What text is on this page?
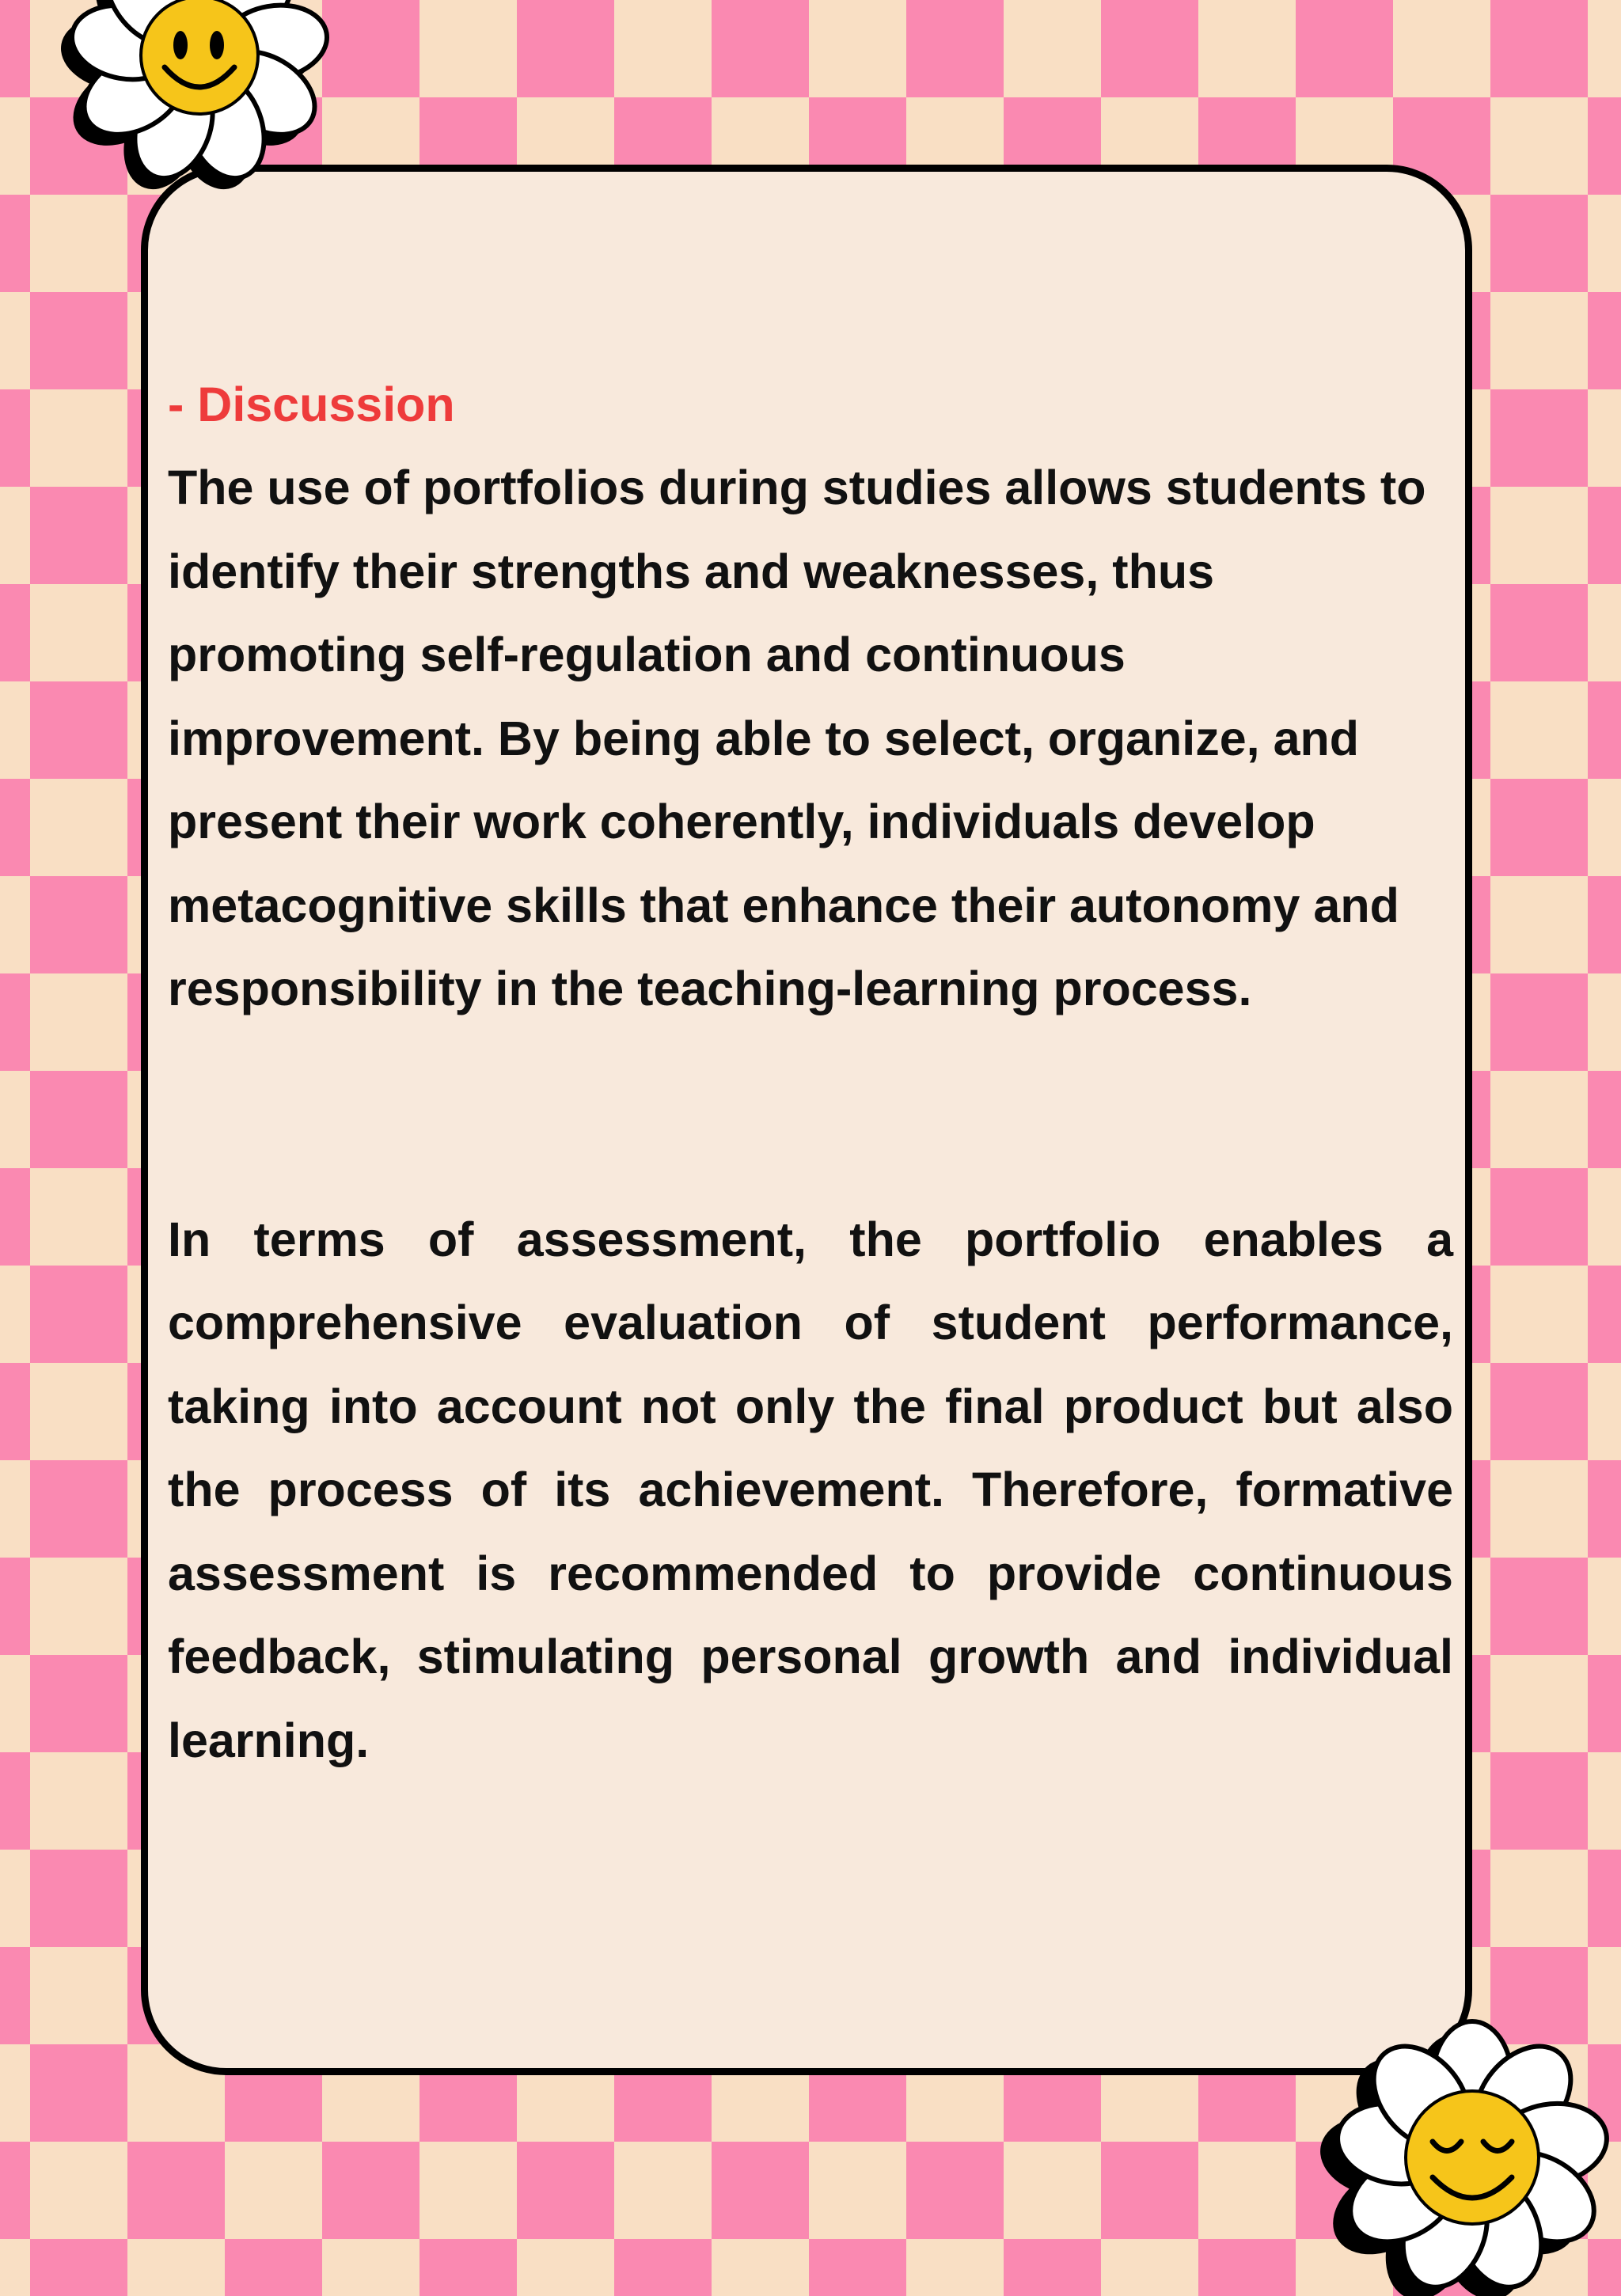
- Discussion

The use of portfolios during studies allows students to identify their strengths and weaknesses, thus promoting self-regulation and continuous improvement. By being able to select, organize, and present their work coherently, individuals develop metacognitive skills that enhance their autonomy and responsibility in the teaching-learning process.

In terms of assessment, the portfolio enables a comprehensive evaluation of student performance, taking into account not only the final product but also the process of its achievement. Therefore, formative assessment is recommended to provide continuous feedback, stimulating personal growth and individual learning.
